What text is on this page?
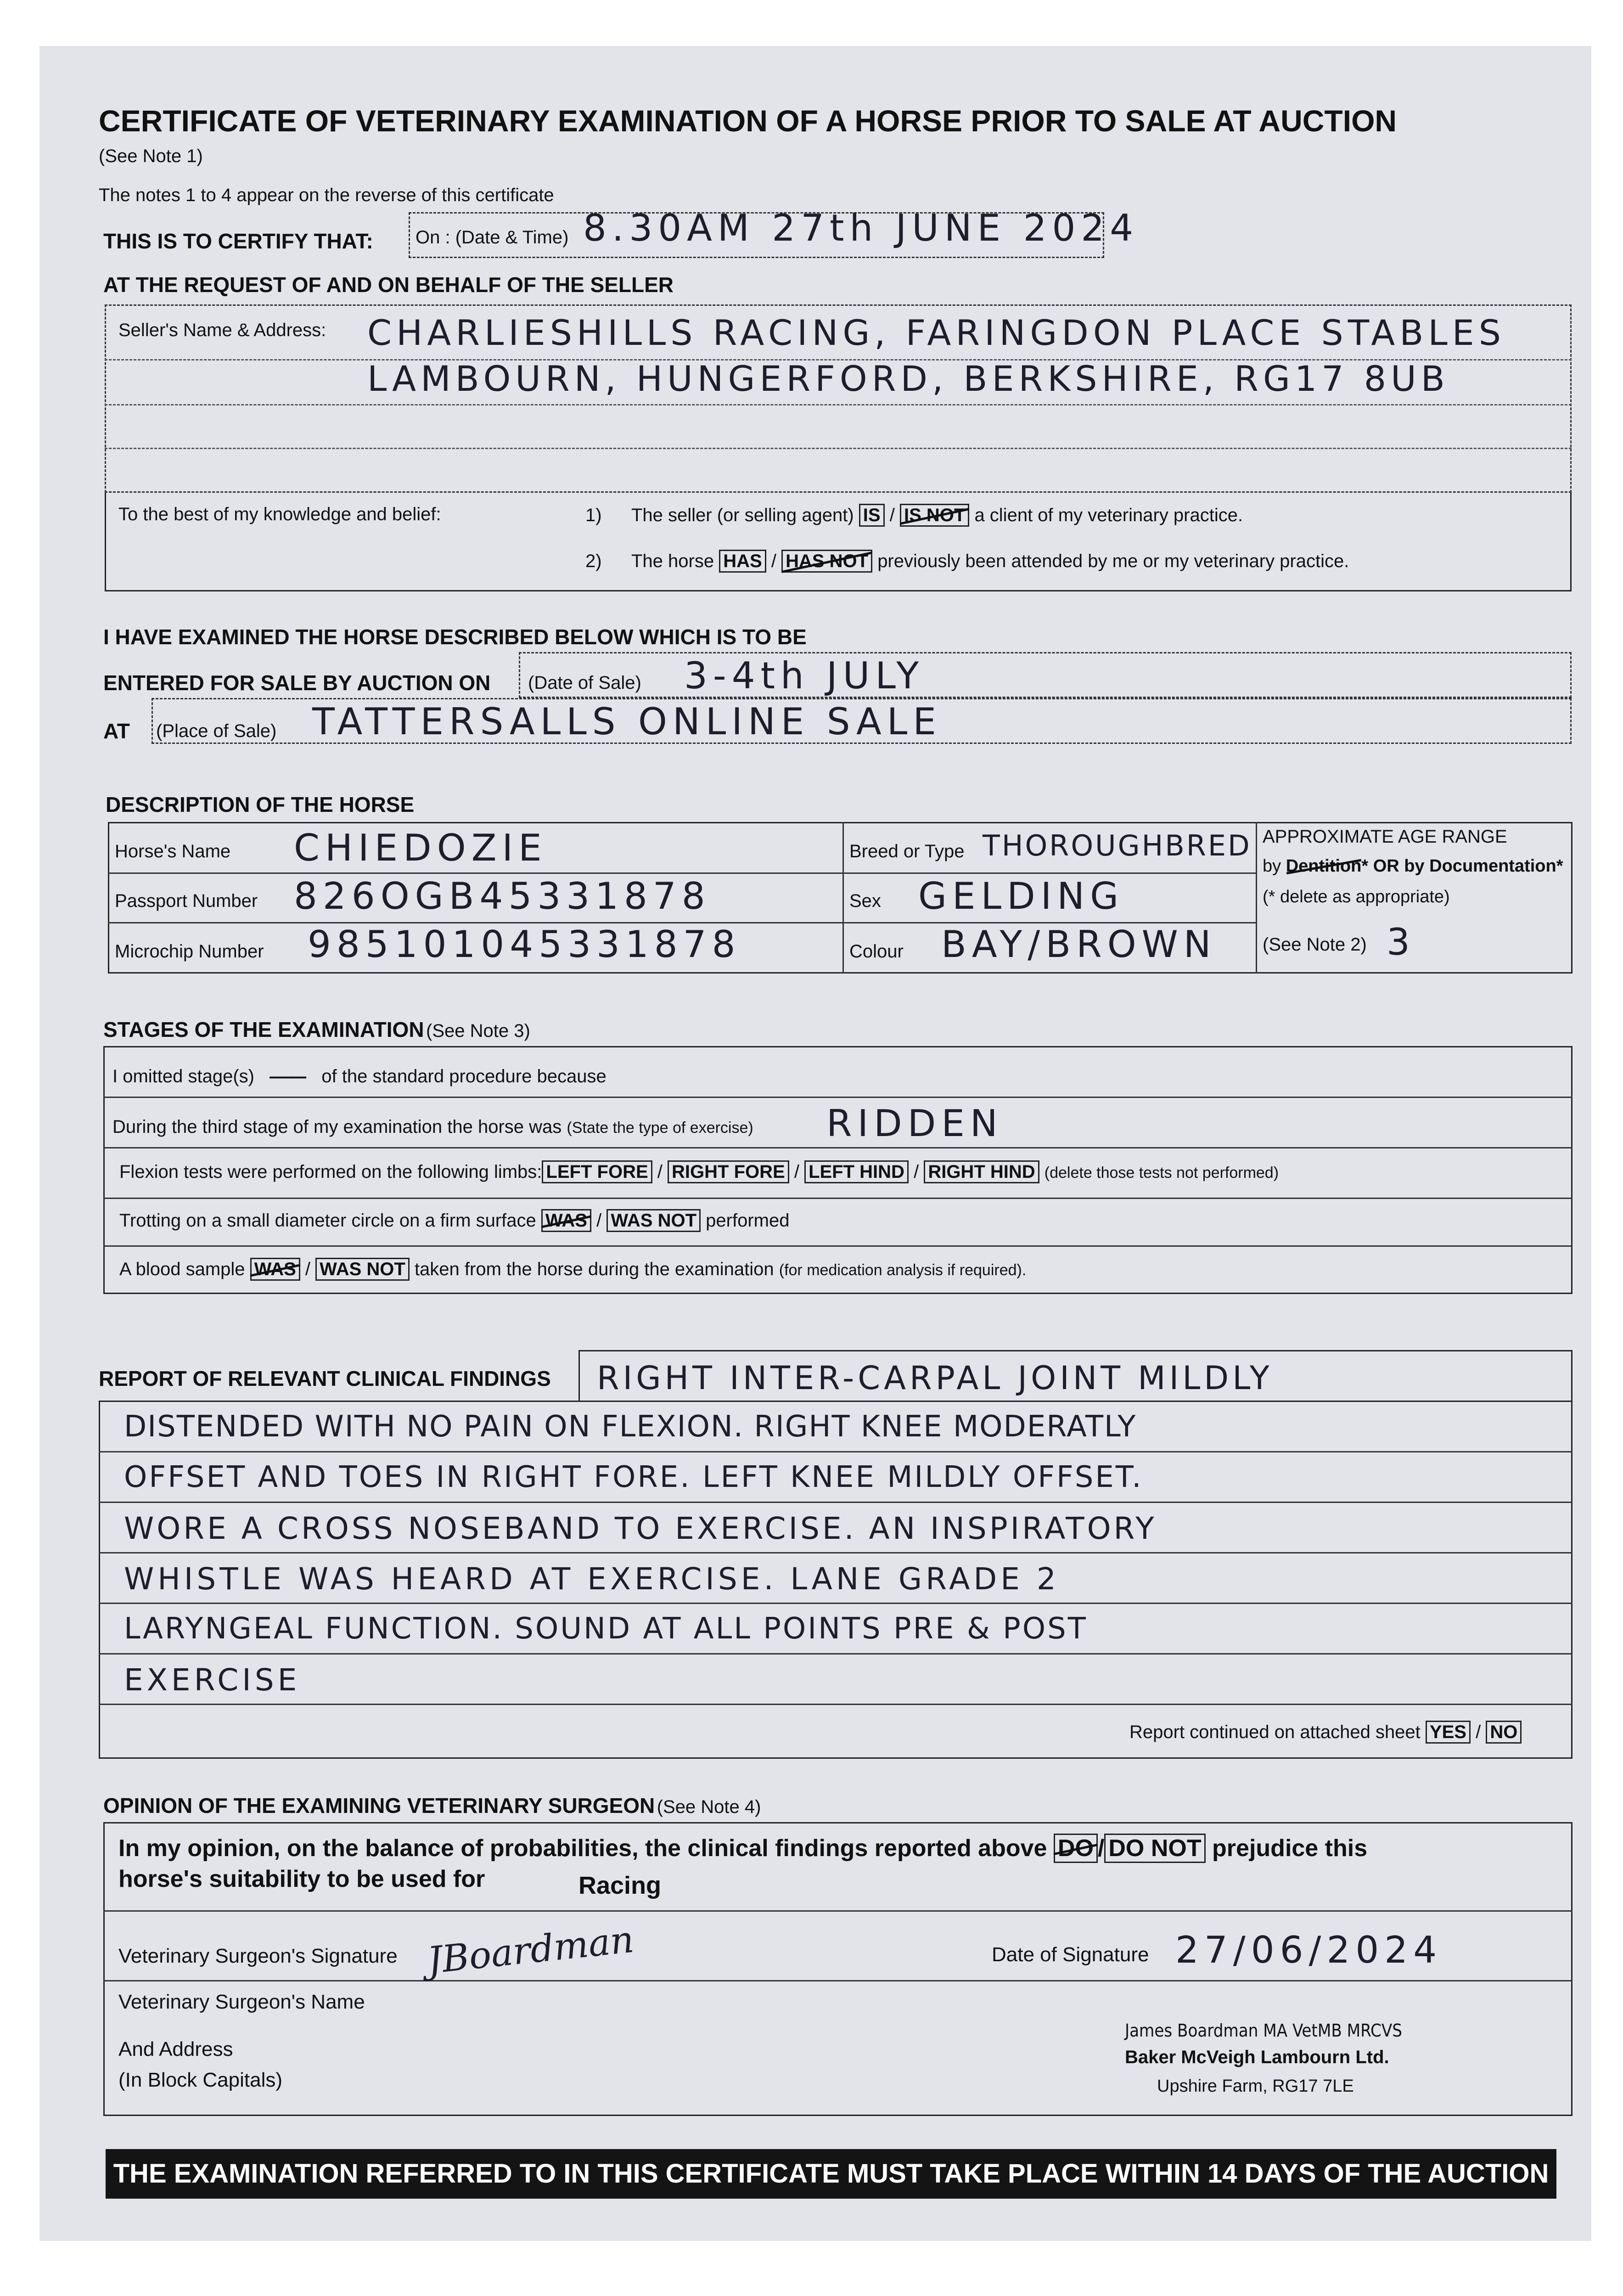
CERTIFICATE OF VETERINARY EXAMINATION OF A HORSE PRIOR TO SALE AT AUCTION
(See Note 1)
The notes 1 to 4 appear on the reverse of this certificate
THIS IS TO CERTIFY THAT: On : (Date & Time) 8.30AM 27th JUNE 2024
AT THE REQUEST OF AND ON BEHALF OF THE SELLER
Seller's Name & Address: CHARLIESHILLS RACING, FARINGDON PLACE STABLES
LAMBOURN, HUNGERFORD, BERKSHIRE, RG17 8UB
To the best of my knowledge and belief:	1) The seller (or selling agent) IS / IS NOT a client of my veterinary practice.
2) The horse HAS / HAS NOT previously been attended by me or my veterinary practice.
I HAVE EXAMINED THE HORSE DESCRIBED BELOW WHICH IS TO BE
ENTERED FOR SALE BY AUCTION ON (Date of Sale) 3-4th JULY
AT (Place of Sale) TATTERSALLS ONLINE SALE
DESCRIPTION OF THE HORSE
Horse's Name CHIEDOZIE
Passport Number 826OGB45331878
Microchip Number 985101045331878
Breed or Type THOROUGHBRED
Sex GELDING
Colour BAY/BROWN
APPROXIMATE AGE RANGE
by Dentition* OR by Documentation*
(* delete as appropriate)
(See Note 2) 3
STAGES OF THE EXAMINATION (See Note 3)
I omitted stage(s) —— of the standard procedure because
During the third stage of my examination the horse was (State the type of exercise) RIDDEN
Flexion tests were performed on the following limbs: LEFT FORE / RIGHT FORE / LEFT HIND / RIGHT HIND (delete those tests not performed)
Trotting on a small diameter circle on a firm surface WAS / WAS NOT performed
A blood sample WAS / WAS NOT taken from the horse during the examination (for medication analysis if required).
REPORT OF RELEVANT CLINICAL FINDINGS RIGHT INTER-CARPAL JOINT MILDLY
DISTENDED WITH NO PAIN ON FLEXION. RIGHT KNEE MODERATLY
OFFSET AND TOES IN RIGHT FORE. LEFT KNEE MILDLY OFFSET.
WORE A CROSS NOSEBAND TO EXERCISE. AN INSPIRATORY
WHISTLE WAS HEARD AT EXERCISE. LANE GRADE 2
LARYNGEAL FUNCTION. SOUND AT ALL POINTS PRE & POST
EXERCISE
Report continued on attached sheet YES / NO
OPINION OF THE EXAMINING VETERINARY SURGEON (See Note 4)
In my opinion, on the balance of probabilities, the clinical findings reported above DO / DO NOT prejudice this
horse's suitability to be used for	Racing
Veterinary Surgeon's Signature JBoardman	Date of Signature 27/06/2024
Veterinary Surgeon's Name
And Address
(In Block Capitals)
James Boardman MA VetMB MRCVS
Baker McVeigh Lambourn Ltd.
Upshire Farm, RG17 7LE
THE EXAMINATION REFERRED TO IN THIS CERTIFICATE MUST TAKE PLACE WITHIN 14 DAYS OF THE AUCTION
